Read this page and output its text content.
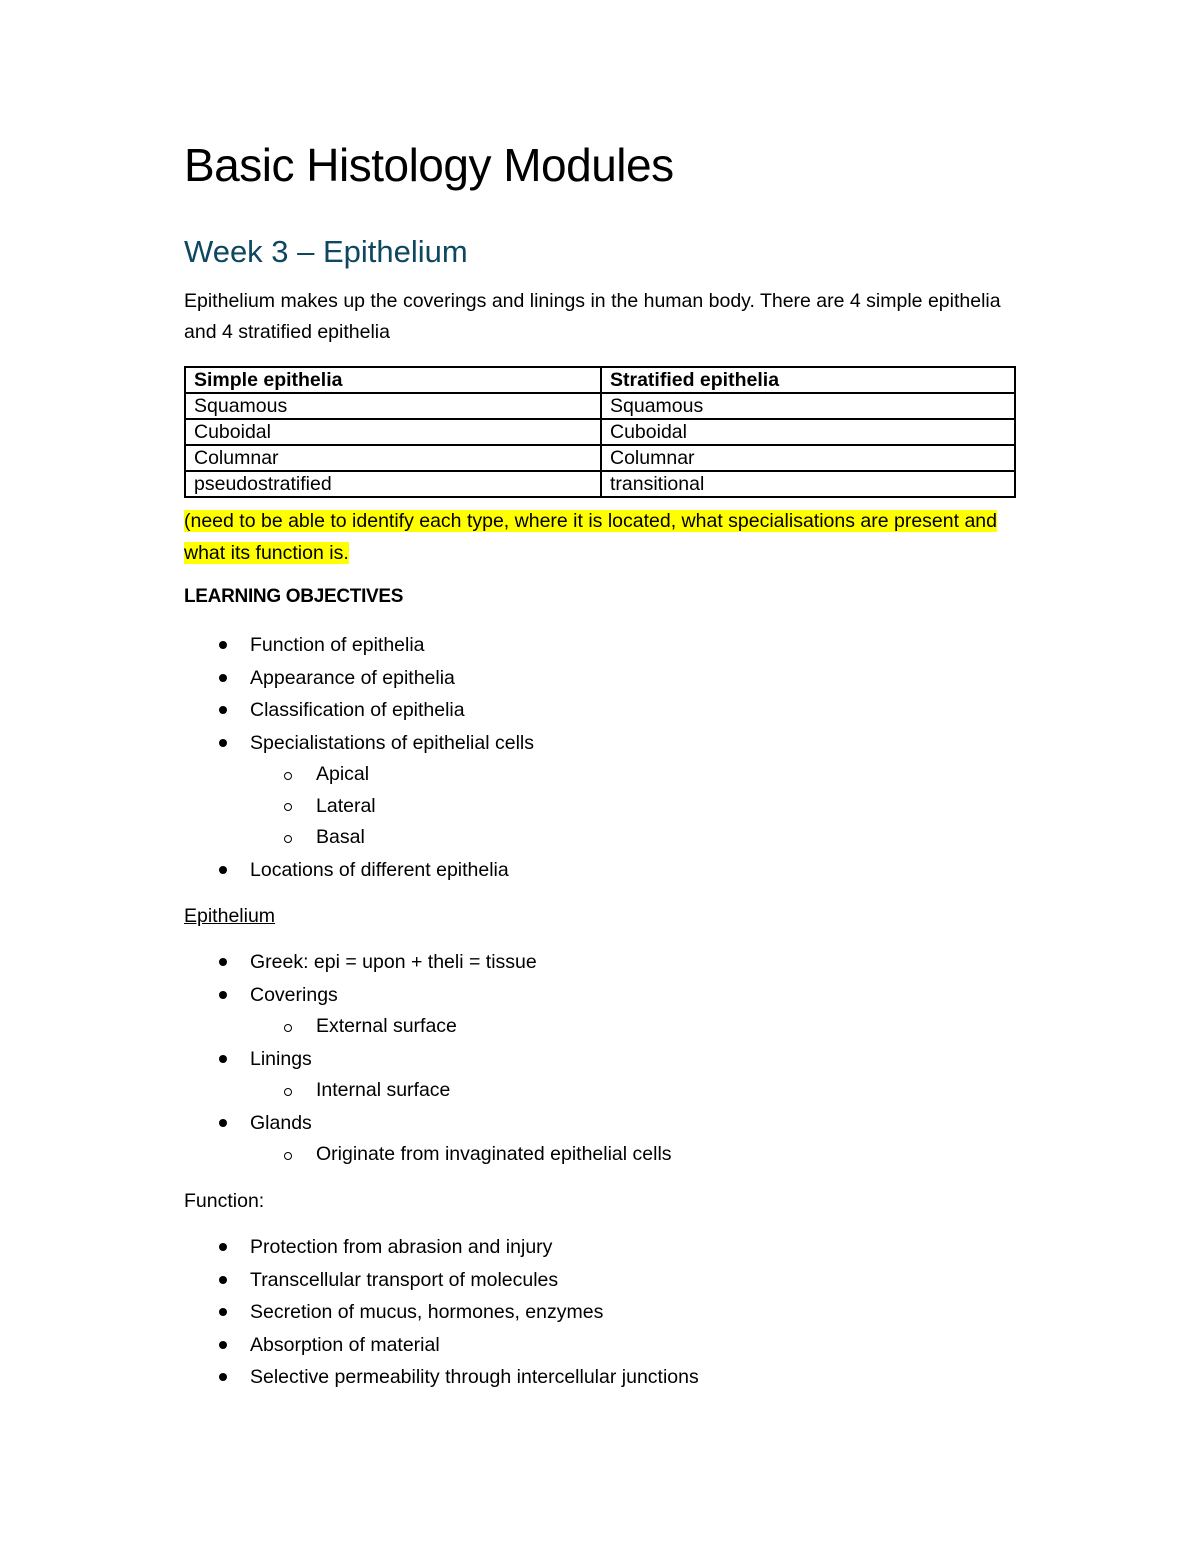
Basic Histology Modules
Week 3 – Epithelium

Epithelium makes up the coverings and linings in the human body. There are 4 simple epithelia and 4 stratified epithelia

Simple epithelia	Stratified epithelia
Squamous	Squamous
Cuboidal	Cuboidal
Columnar	Columnar
pseudostratified	transitional

(need to be able to identify each type, where it is located, what specialisations are present and what its function is.

LEARNING OBJECTIVES
Function of epithelia
Appearance of epithelia
Classification of epithelia
Specialistations of epithelial cells
Apical
Lateral
Basal
Locations of different epithelia
Epithelium
Greek: epi = upon + theli = tissue
Coverings
External surface
Linings
Internal surface
Glands
Originate from invaginated epithelial cells
Function:
Protection from abrasion and injury
Transcellular transport of molecules
Secretion of mucus, hormones, enzymes
Absorption of material
Selective permeability through intercellular junctions
